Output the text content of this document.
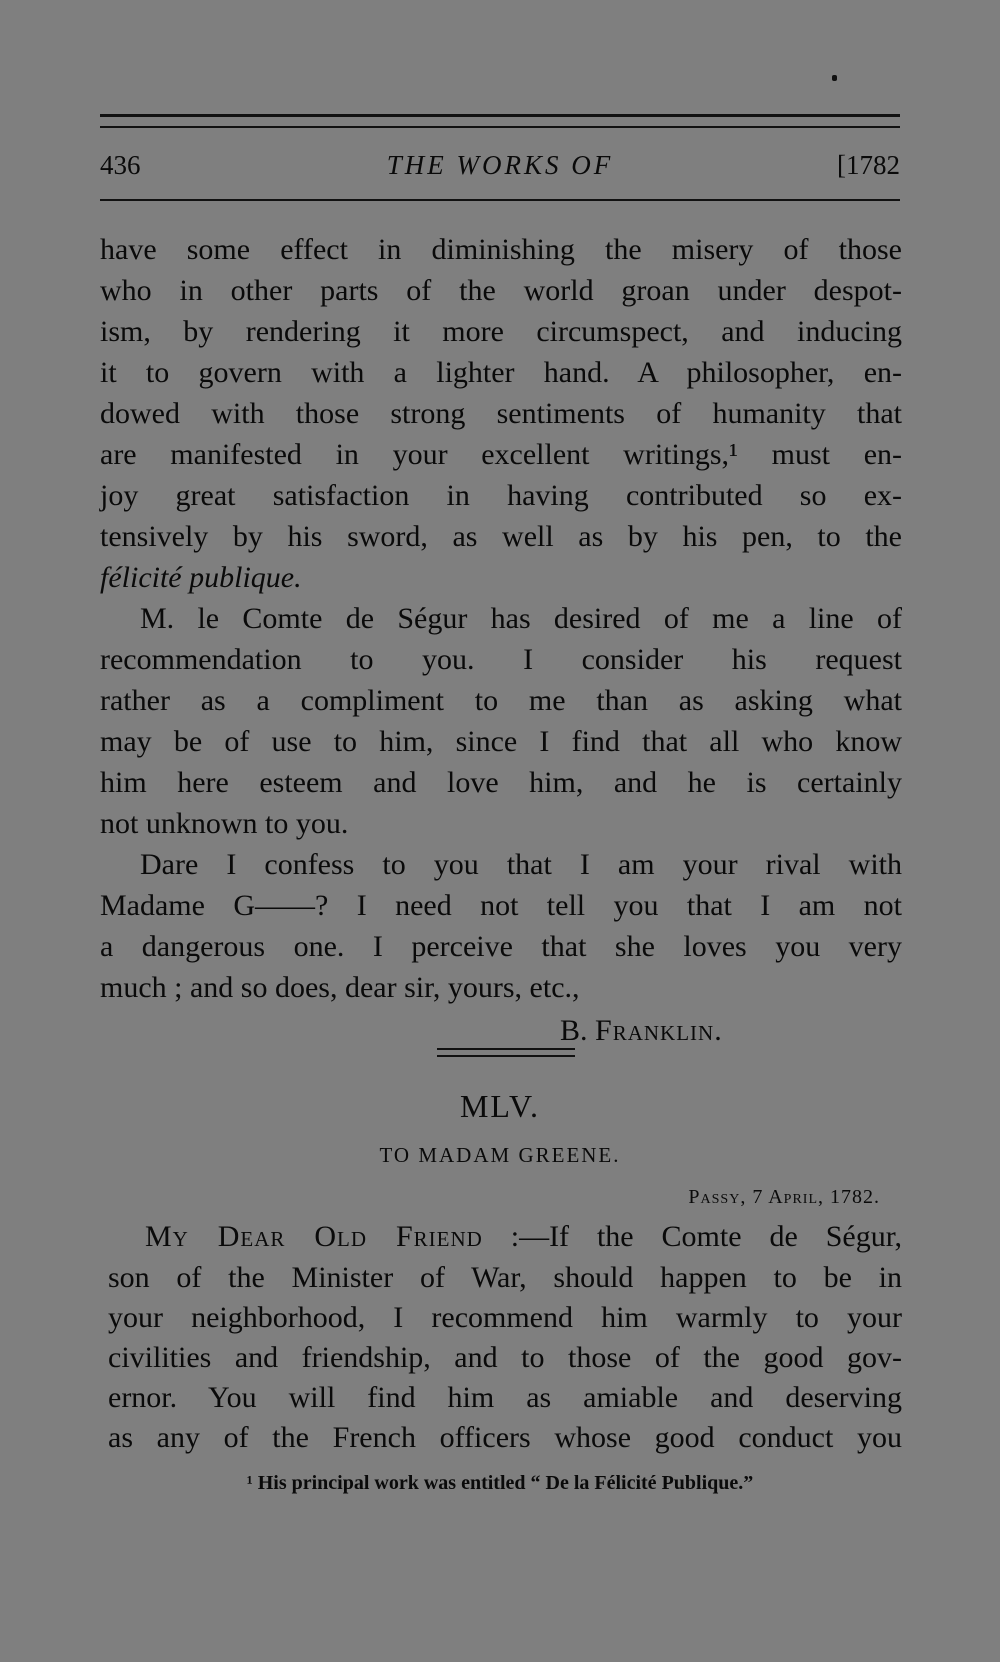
436	THE WORKS OF	[1782
have some effect in diminishing the misery of those
who in other parts of the world groan under despot-
ism, by rendering it more circumspect, and inducing
it to govern with a lighter hand. A philosopher, en-
dowed with those strong sentiments of humanity that
are manifested in your excellent writings,¹ must en-
joy great satisfaction in having contributed so ex-
tensively by his sword, as well as by his pen, to the
félicité publique.
M. le Comte de Ségur has desired of me a line of
recommendation to you. I consider his request
rather as a compliment to me than as asking what
may be of use to him, since I find that all who know
him here esteem and love him, and he is certainly
not unknown to you.
Dare I confess to you that I am your rival with
Madame G——? I need not tell you that I am not
a dangerous one. I perceive that she loves you very
much ; and so does, dear sir, yours, etc.,
B. Franklin.
MLV.
TO MADAM GREENE.
Passy, 7 April, 1782.
My Dear Old Friend :—If the Comte de Ségur,
son of the Minister of War, should happen to be in
your neighborhood, I recommend him warmly to your
civilities and friendship, and to those of the good gov-
ernor. You will find him as amiable and deserving
as any of the French officers whose good conduct you
¹ His principal work was entitled “ De la Félicité Publique.”
